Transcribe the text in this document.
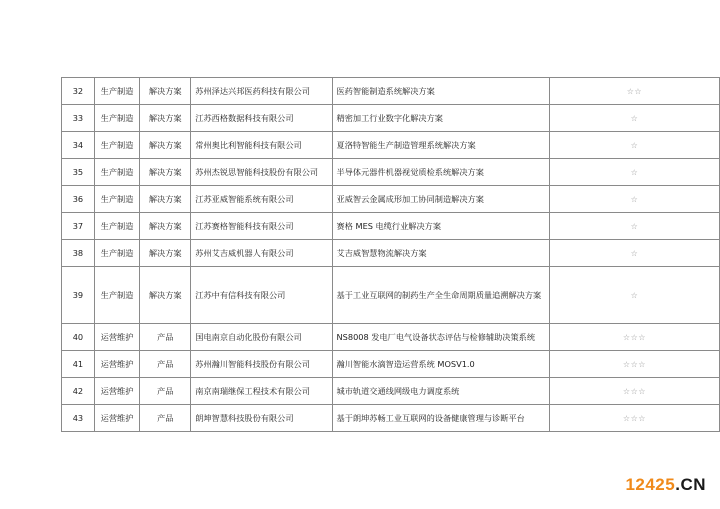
32	生产制造	解决方案	苏州泽达兴邦医药科技有限公司	医药智能制造系统解决方案	☆☆
33	生产制造	解决方案	江苏西格数据科技有限公司	精密加工行业数字化解决方案	☆
34	生产制造	解决方案	常州奥比利智能科技有限公司	夏洛特智能生产制造管理系统解决方案	☆
35	生产制造	解决方案	苏州杰锐思智能科技股份有限公司	半导体元器件机器视觉质检系统解决方案	☆
36	生产制造	解决方案	江苏亚威智能系统有限公司	亚威智云金属成形加工协同制造解决方案	☆
37	生产制造	解决方案	江苏赛格智能科技有限公司	赛格 MES 电缆行业解决方案	☆
38	生产制造	解决方案	苏州艾吉威机器人有限公司	艾吉威智慧物流解决方案	☆
39	生产制造	解决方案	江苏中有信科技有限公司	基于工业互联网的制药生产全生命周期质量追溯解决方案	☆
40	运营维护	产品	国电南京自动化股份有限公司	NS8008 发电厂电气设备状态评估与检修辅助决策系统	☆☆☆
41	运营维护	产品	苏州瀚川智能科技股份有限公司	瀚川智能水滴智造运营系统 MOSV1.0	☆☆☆
42	运营维护	产品	南京南瑞继保工程技术有限公司	城市轨道交通线网级电力调度系统	☆☆☆
43	运营维护	产品	朗坤智慧科技股份有限公司	基于朗坤苏畅工业互联网的设备健康管理与诊断平台	☆☆☆
12425.CN
